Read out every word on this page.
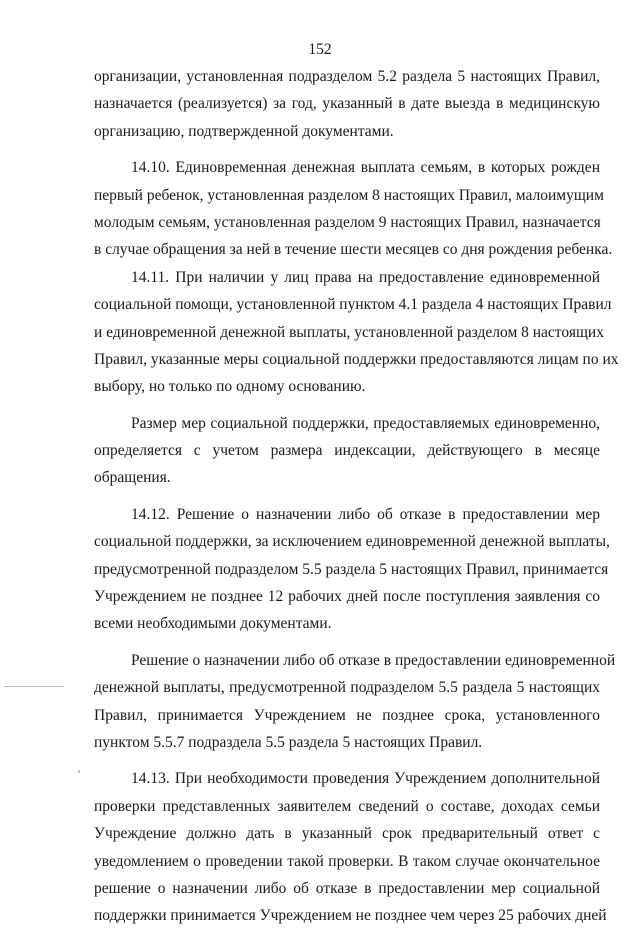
152
организации, установленная подразделом 5.2 раздела 5 настоящих Правил,
назначается (реализуется) за год, указанный в дате выезда в медицинскую
организацию, подтвержденной документами.
14.10. Единовременная денежная выплата семьям, в которых рожден
первый ребенок, установленная разделом 8 настоящих Правил, малоимущим
молодым семьям, установленная разделом 9 настоящих Правил, назначается
в случае обращения за ней в течение шести месяцев со дня рождения ребенка.
14.11. При наличии у лиц права на предоставление единовременной
социальной помощи, установленной пунктом 4.1 раздела 4 настоящих Правил
и единовременной денежной выплаты, установленной разделом 8 настоящих
Правил, указанные меры социальной поддержки предоставляются лицам по их
выбору, но только по одному основанию.
Размер мер социальной поддержки, предоставляемых единовременно,
определяется с учетом размера индексации, действующего в месяце
обращения.
14.12. Решение о назначении либо об отказе в предоставлении мер
социальной поддержки, за исключением единовременной денежной выплаты,
предусмотренной подразделом 5.5 раздела 5 настоящих Правил, принимается
Учреждением не позднее 12 рабочих дней после поступления заявления со
всеми необходимыми документами.
Решение о назначении либо об отказе в предоставлении единовременной
денежной выплаты, предусмотренной подразделом 5.5 раздела 5 настоящих
Правил, принимается Учреждением не позднее срока, установленного
пунктом 5.5.7 подраздела 5.5 раздела 5 настоящих Правил.
14.13. При необходимости проведения Учреждением дополнительной
проверки представленных заявителем сведений о составе, доходах семьи
Учреждение должно дать в указанный срок предварительный ответ с
уведомлением о проведении такой проверки. В таком случае окончательное
решение о назначении либо об отказе в предоставлении мер социальной
поддержки принимается Учреждением не позднее чем через 25 рабочих дней
